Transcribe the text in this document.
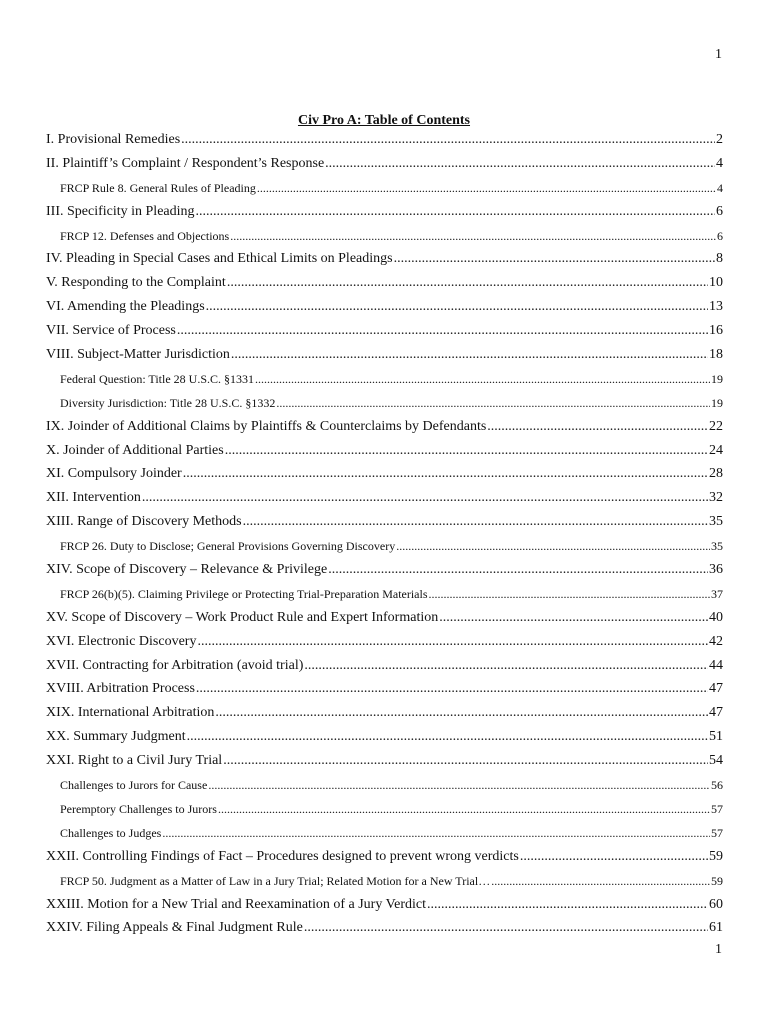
1
Civ Pro A: Table of Contents
I. Provisional Remedies .....	2
II. Plaintiff’s Complaint / Respondent’s Response .....	4
FRCP Rule 8. General Rules of Pleading .....	4
III. Specificity in Pleading .....	6
FRCP 12. Defenses and Objections .....	6
IV. Pleading in Special Cases and Ethical Limits on Pleadings .....	8
V. Responding to the Complaint .....	10
VI. Amending the Pleadings .....	13
VII. Service of Process .....	16
VIII. Subject-Matter Jurisdiction .....	18
Federal Question: Title 28 U.S.C. §1331 .....	19
Diversity Jurisdiction: Title 28 U.S.C. §1332 .....	19
IX. Joinder of Additional Claims by Plaintiffs & Counterclaims by Defendants .....	22
X. Joinder of Additional Parties .....	24
XI. Compulsory Joinder .....	28
XII. Intervention .....	32
XIII. Range of Discovery Methods .....	35
FRCP 26. Duty to Disclose; General Provisions Governing Discovery .....	35
XIV. Scope of Discovery – Relevance & Privilege .....	36
FRCP 26(b)(5). Claiming Privilege or Protecting Trial-Preparation Materials .....	37
XV. Scope of Discovery – Work Product Rule and Expert Information .....	40
XVI. Electronic Discovery .....	42
XVII. Contracting for Arbitration (avoid trial) .....	44
XVIII. Arbitration Process .....	47
XIX. International Arbitration .....	47
XX. Summary Judgment .....	51
XXI. Right to a Civil Jury Trial .....	54
Challenges to Jurors for Cause .....	56
Peremptory Challenges to Jurors .....	57
Challenges to Judges .....	57
XXII. Controlling Findings of Fact – Procedures designed to prevent wrong verdicts .....	59
FRCP 50. Judgment as a Matter of Law in a Jury Trial; Related Motion for a New Trial… .....	59
XXIII. Motion for a New Trial and Reexamination of a Jury Verdict .....	60
XXIV. Filing Appeals & Final Judgment Rule .....	61
1
